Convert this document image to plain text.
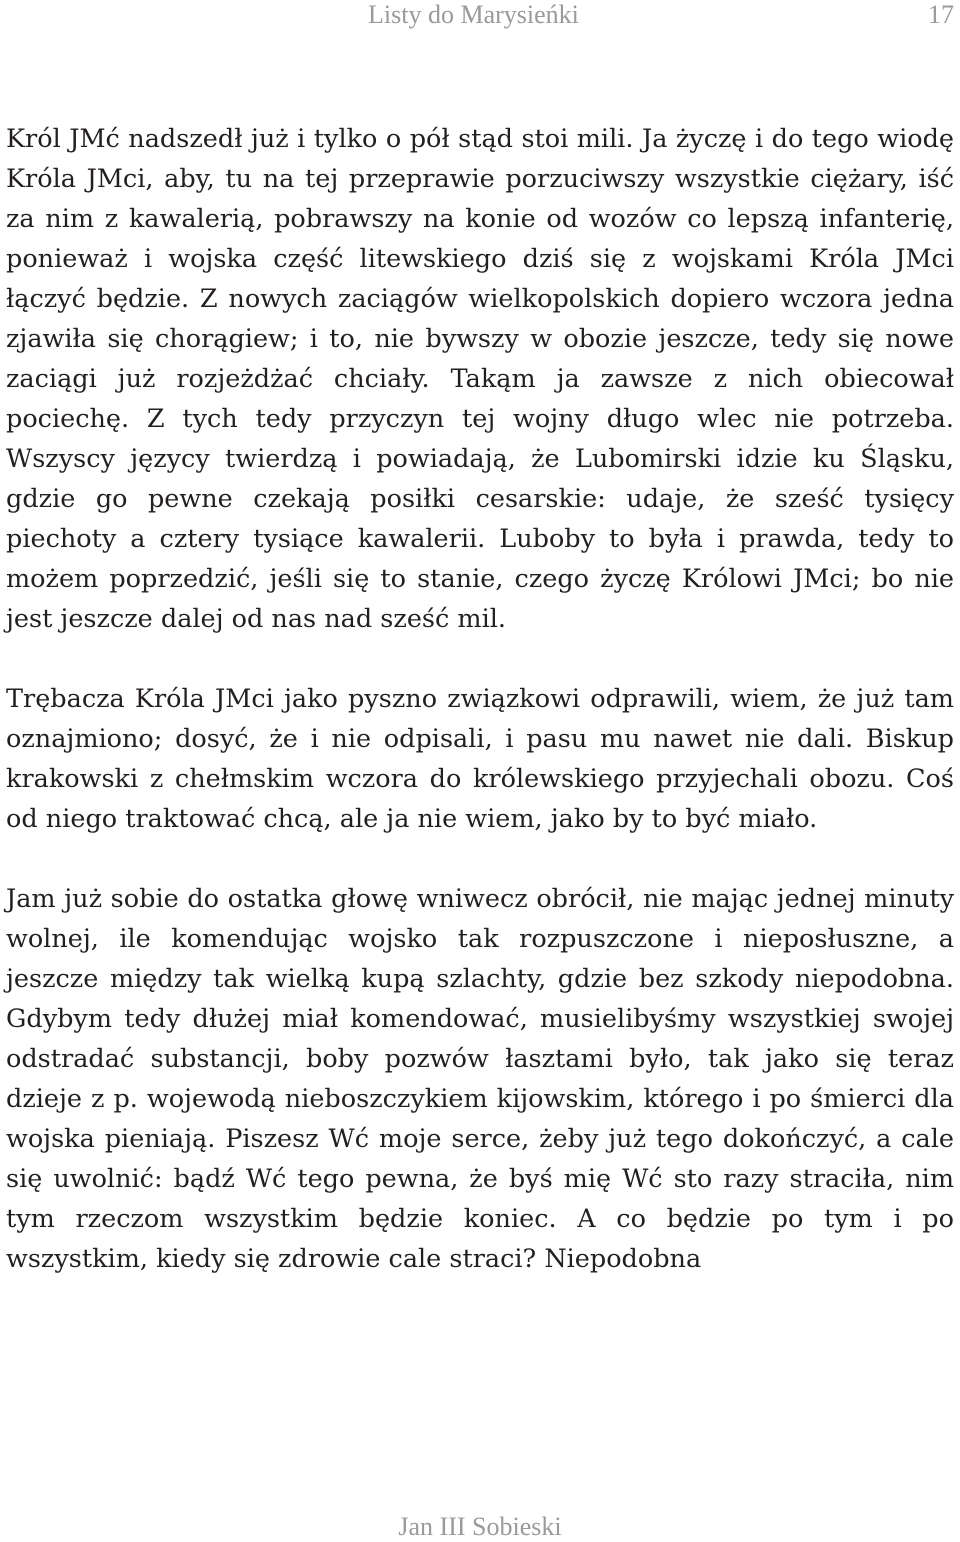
Listy do Marysieńki	17

Król JMć nadszedł już i tylko o pół stąd stoi mili. Ja życzę i do tego wiodę Króla JMci, aby, tu na tej przeprawie porzuciwszy wszystkie ciężary, iść za nim z kawalerią, pobrawszy na konie od wozów co lepszą infanterię, ponieważ i wojska część litewskiego dziś się z wojskami Króla JMci łączyć będzie. Z nowych zaciągów wielkopolskich dopiero wczora jedna zjawiła się chorągiew; i to, nie bywszy w obozie jeszcze, tedy się nowe zaciągi już rozjeżdżać chciały. Takąm ja zawsze z nich obiecował pociechę. Z tych tedy przyczyn tej wojny długo wlec nie potrzeba. Wszyscy języcy twierdzą i powiadają, że Lubomirski idzie ku Śląsku, gdzie go pewne czekają posiłki cesarskie: udaje, że sześć tysięcy piechoty a cztery tysiące kawalerii. Luboby to była i prawda, tedy to możem poprzedzić, jeśli się to stanie, czego życzę Królowi JMci; bo nie jest jeszcze dalej od nas nad sześć mil.

Trębacza Króla JMci jako pyszno związkowi odprawili, wiem, że już tam oznajmiono; dosyć, że i nie odpisali, i pasu mu nawet nie dali. Biskup krakowski z chełmskim wczora do królewskiego przyjechali obozu. Coś od niego traktować chcą, ale ja nie wiem, jako by to być miało.

Jam już sobie do ostatka głowę wniwecz obrócił, nie mając jednej minuty wolnej, ile komendując wojsko tak rozpuszczone i nieposłuszne, a jeszcze między tak wielką kupą szlachty, gdzie bez szkody niepodobna. Gdybym tedy dłużej miał komendować, musielibyśmy wszystkiej swojej odstradać substancji, boby pozwów łasztami było, tak jako się teraz dzieje z p. wojewodą nieboszczykiem kijowskim, którego i po śmierci dla wojska pieniają. Piszesz Wć moje serce, żeby już tego dokończyć, a cale się uwolnić: bądź Wć tego pewna, że byś mię Wć sto razy straciła, nim tym rzeczom wszystkim będzie koniec. A co będzie po tym i po wszystkim, kiedy się zdrowie cale straci? Niepodobna

Jan III Sobieski
